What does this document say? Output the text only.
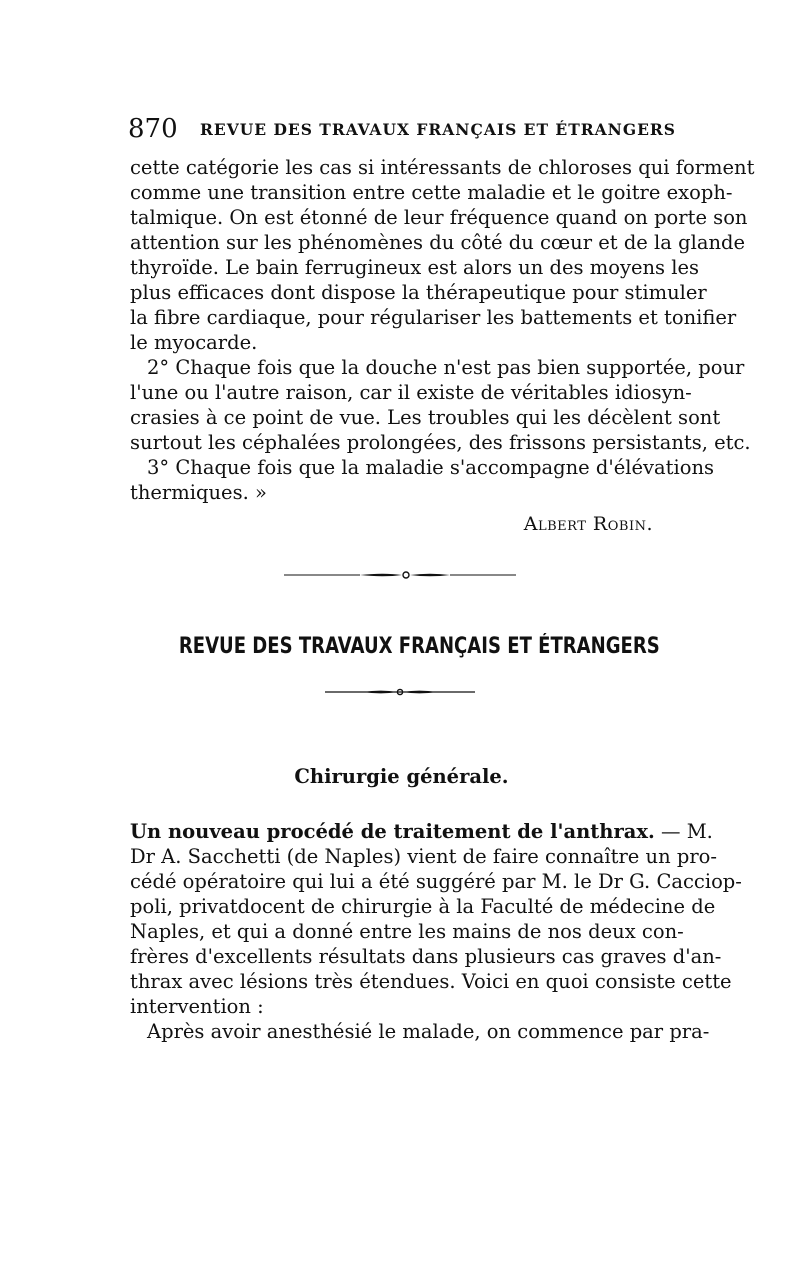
870 REVUE DES TRAVAUX FRANÇAIS ET ÉTRANGERS
cette catégorie les cas si intéressants de chloroses qui forment
comme une transition entre cette maladie et le goitre exoph-
talmique. On est étonné de leur fréquence quand on porte son
attention sur les phénomènes du côté du cœur et de la glande
thyroïde. Le bain ferrugineux est alors un des moyens les
plus efficaces dont dispose la thérapeutique pour stimuler
la fibre cardiaque, pour régulariser les battements et tonifier
le myocarde.
2° Chaque fois que la douche n'est pas bien supportée, pour
l'une ou l'autre raison, car il existe de véritables idiosyn-
crasies à ce point de vue. Les troubles qui les décèlent sont
surtout les céphalées prolongées, des frissons persistants, etc.
3° Chaque fois que la maladie s'accompagne d'élévations
thermiques. »
Albert Robin.
REVUE DES TRAVAUX FRANÇAIS ET ÉTRANGERS
Chirurgie générale.
Un nouveau procédé de traitement de l'anthrax. — M.
Dr A. Sacchetti (de Naples) vient de faire connaître un pro-
cédé opératoire qui lui a été suggéré par M. le Dr G. Cacciop-
poli, privatdocent de chirurgie à la Faculté de médecine de
Naples, et qui a donné entre les mains de nos deux con-
frères d'excellents résultats dans plusieurs cas graves d'an-
thrax avec lésions très étendues. Voici en quoi consiste cette
intervention :
Après avoir anesthésié le malade, on commence par pra-
